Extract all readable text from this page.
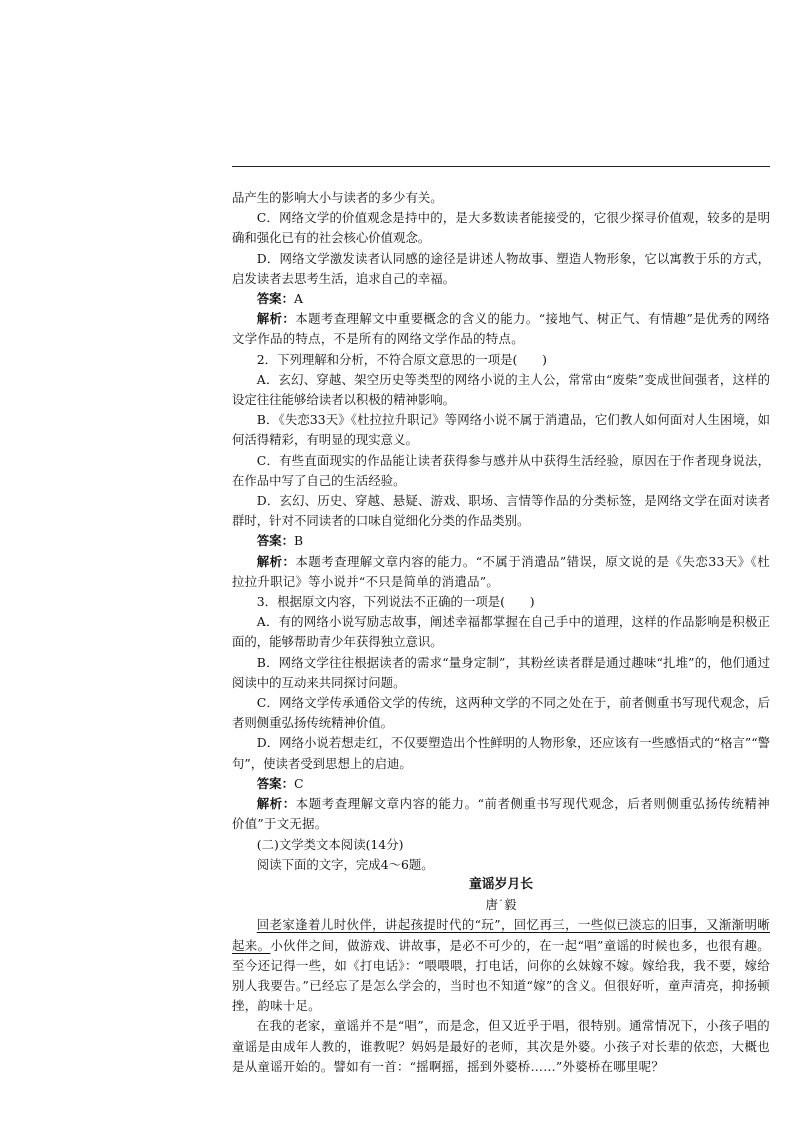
品产生的影响大小与读者的多少有关。

C．网络文学的价值观念是持中的，是大多数读者能接受的，它很少探寻价值观，较多的是明确和强化已有的社会核心价值观念。

D．网络文学激发读者认同感的途径是讲述人物故事、塑造人物形象，它以寓教于乐的方式，启发读者去思考生活，追求自己的幸福。

答案：A

解析：本题考查理解文中重要概念的含义的能力。“接地气、树正气、有情趣”是优秀的网络文学作品的特点，不是所有的网络文学作品的特点。

2．下列理解和分析，不符合原文意思的一项是(　　)

A．玄幻、穿越、架空历史等类型的网络小说的主人公，常常由“废柴”变成世间强者，这样的设定往往能够给读者以积极的精神影响。

B．《失恋33天》《杜拉拉升职记》等网络小说不属于消遣品，它们教人如何面对人生困境，如何活得精彩，有明显的现实意义。

C．有些直面现实的作品能让读者获得参与感并从中获得生活经验，原因在于作者现身说法，在作品中写了自己的生活经验。

D．玄幻、历史、穿越、悬疑、游戏、职场、言情等作品的分类标签，是网络文学在面对读者群时，针对不同读者的口味自觉细化分类的作品类别。

答案：B

解析：本题考查理解文章内容的能力。“不属于消遣品”错误，原文说的是《失恋33天》《杜拉拉升职记》等小说并“不只是简单的消遣品”。

3．根据原文内容，下列说法不正确的一项是(　　)

A．有的网络小说写励志故事，阐述幸福都掌握在自己手中的道理，这样的作品影响是积极正面的，能够帮助青少年获得独立意识。

B．网络文学往往根据读者的需求“量身定制”，其粉丝读者群是通过趣味“扎堆”的，他们通过阅读中的互动来共同探讨问题。

C．网络文学传承通俗文学的传统，这两种文学的不同之处在于，前者侧重书写现代观念，后者则侧重弘扬传统精神价值。

D．网络小说若想走红，不仅要塑造出个性鲜明的人物形象，还应该有一些感悟式的“格言”“警句”，使读者受到思想上的启迪。

答案：C

解析：本题考查理解文章内容的能力。“前者侧重书写现代观念，后者则侧重弘扬传统精神价值”于文无据。

(二)文学类文本阅读(14分)

阅读下面的文字，完成4～6题。

童谣岁月长

唐˙毅

回老家逢着儿时伙伴，讲起孩提时代的“玩”，回忆再三，一些似已淡忘的旧事，又渐渐明晰起来。小伙伴之间，做游戏、讲故事，是必不可少的，在一起“唱”童谣的时候也多，也很有趣。至今还记得一些，如《打电话》：“喂喂喂，打电话，问你的幺妹嫁不嫁。嫁给我，我不要，嫁给别人我要告。”已经忘了是怎么学会的，当时也不知道“嫁”的含义。但很好听，童声清亮，抑扬顿挫，韵味十足。

在我的老家，童谣并不是“唱”，而是念，但又近乎于唱，很特别。通常情况下，小孩子唱的童谣是由成年人教的，谁教呢？妈妈是最好的老师，其次是外婆。小孩子对长辈的依恋，大概也是从童谣开始的。譬如有一首：“摇啊摇，摇到外婆桥……”外婆桥在哪里呢？
